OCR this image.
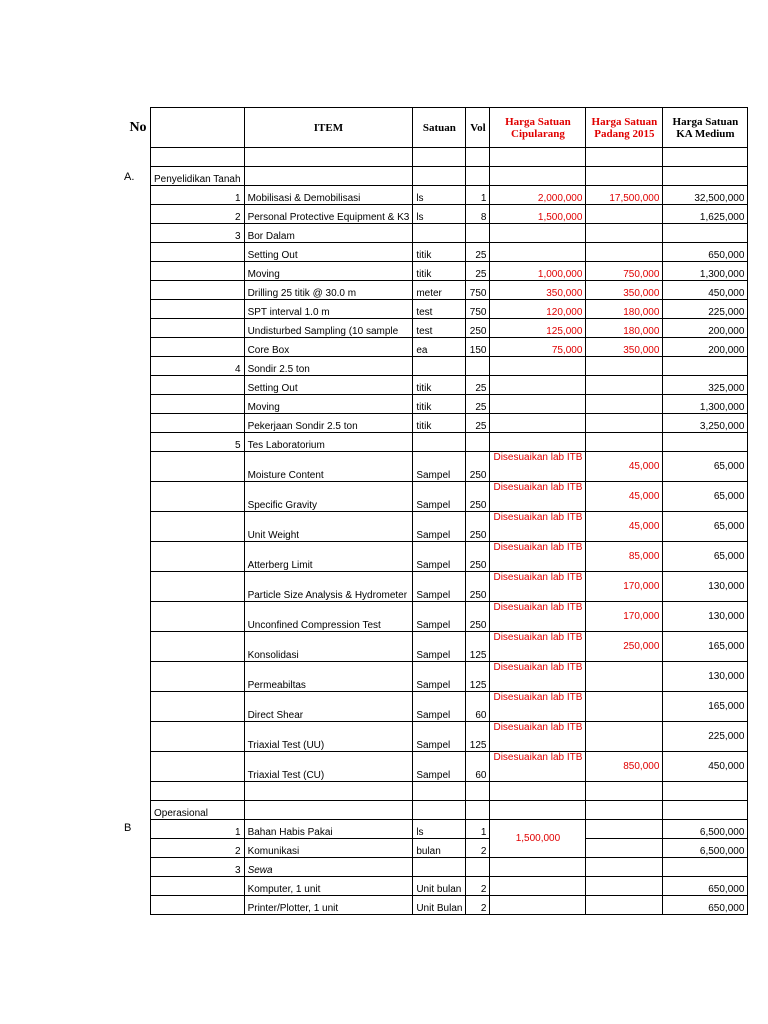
No
A.
B
	ITEM	Satuan	Vol	Harga Satuan Cipularang	Harga Satuan Padang 2015	Harga Satuan KA Medium

Penyelidikan Tanah						
1	Mobilisasi & Demobilisasi	ls	1	2,000,000	17,500,000	32,500,000
2	Personal Protective Equipment & K3	ls	8	1,500,000		1,625,000
3	Bor Dalam					
	Setting Out	titik	25			650,000
	Moving	titik	25	1,000,000	750,000	1,300,000
	Drilling 25 titik @ 30.0 m	meter	750	350,000	350,000	450,000
	SPT interval 1.0 m	test	750	120,000	180,000	225,000
	Undisturbed Sampling (10 sample	test	250	125,000	180,000	200,000
	Core Box	ea	150	75,000	350,000	200,000
4	Sondir 2.5 ton					
	Setting Out	titik	25			325,000
	Moving	titik	25			1,300,000
	Pekerjaan Sondir 2.5 ton	titik	25			3,250,000
5	Tes Laboratorium					
	Moisture Content	Sampel	250	Disesuaikan lab ITB	45,000	65,000
	Specific Gravity	Sampel	250	Disesuaikan lab ITB	45,000	65,000
	Unit Weight	Sampel	250	Disesuaikan lab ITB	45,000	65,000
	Atterberg Limit	Sampel	250	Disesuaikan lab ITB	85,000	65,000
	Particle Size Analysis & Hydrometer	Sampel	250	Disesuaikan lab ITB	170,000	130,000
	Unconfined Compression Test	Sampel	250	Disesuaikan lab ITB	170,000	130,000
	Konsolidasi	Sampel	125	Disesuaikan lab ITB	250,000	165,000
	Permeabiltas	Sampel	125	Disesuaikan lab ITB		130,000
	Direct Shear	Sampel	60	Disesuaikan lab ITB		165,000
	Triaxial Test (UU)	Sampel	125	Disesuaikan lab ITB		225,000
	Triaxial Test (CU)	Sampel	60	Disesuaikan lab ITB	850,000	450,000

Operasional						
1	Bahan Habis Pakai	ls	1	1,500,000		6,500,000
2	Komunikasi	bulan	2			6,500,000
3	Sewa					
	Komputer, 1 unit	Unit bulan	2			650,000
	Printer/Plotter, 1 unit	Unit Bulan	2			650,000
